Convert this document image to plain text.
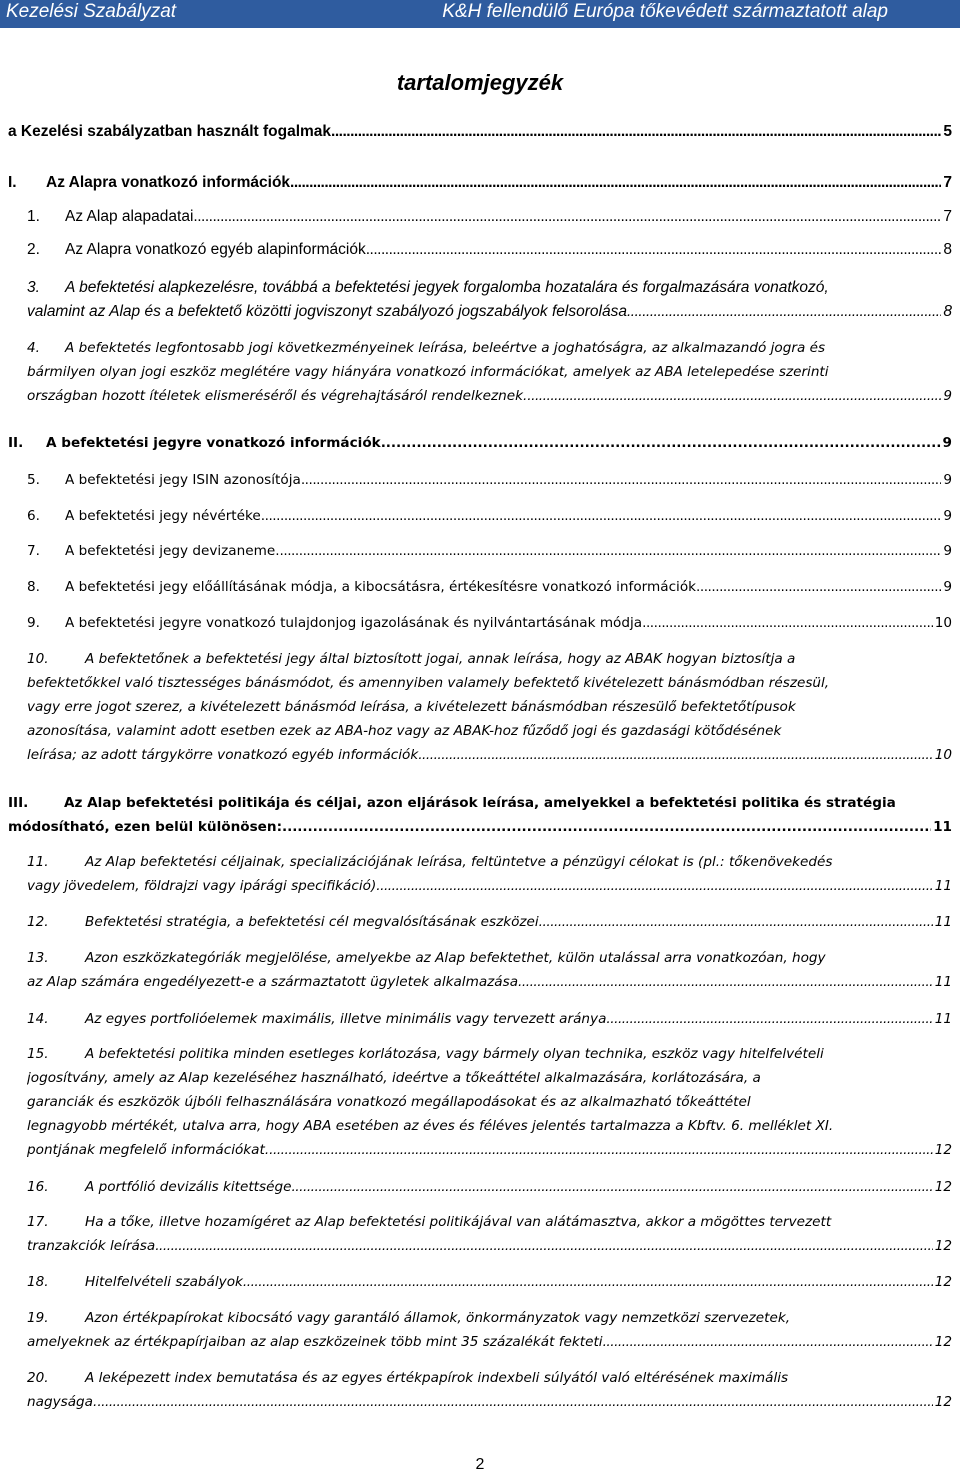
Kezelési Szabályzat	K&H fellendülő Európa tőkevédett származtatott alap
tartalomjegyzék
a Kezelési szabályzatban használt fogalmak . . .	5
I. Az Alapra vonatkozó információk . . .	7
1. Az Alap alapadatai . . .	7
2. Az Alapra vonatkozó egyéb alapinformációk . . .	8
3. A befektetési alapkezelésre, továbbá a befektetési jegyek forgalomba hozatalára és forgalmazására vonatkozó,
valamint az Alap és a befektető közötti jogviszonyt szabályozó jogszabályok felsorolása . . .	8
4. A befektetés legfontosabb jogi következményeinek leírása, beleértve a joghatóságra, az alkalmazandó jogra és
bármilyen olyan jogi eszköz meglétére vagy hiányára vonatkozó információkat, amelyek az ABA letelepedése szerinti
országban hozott ítéletek elismeréséről és végrehajtásáról rendelkeznek. . . .	9
II. A befektetési jegyre vonatkozó információk . . .	9
5. A befektetési jegy ISIN azonosítója . . .	9
6. A befektetési jegy névértéke . . .	9
7. A befektetési jegy devizaneme. . . .	9
8. A befektetési jegy előállításának módja, a kibocsátásra, értékesítésre vonatkozó információk . . .	9
9. A befektetési jegyre vonatkozó tulajdonjog igazolásának és nyilvántartásának módja . . .	10
10.	A befektetőnek a befektetési jegy által biztosított jogai, annak leírása, hogy az ABAK hogyan biztosítja a
befektetőkkel való tisztességes bánásmódot, és amennyiben valamely befektető kivételezett bánásmódban részesül,
vagy erre jogot szerez, a kivételezett bánásmód leírása, a kivételezett bánásmódban részesülő befektetőtípusok
azonosítása, valamint adott esetben ezek az ABA-hoz vagy az ABAK-hoz fűződő jogi és gazdasági kötődésének
leírása; az adott tárgykörre vonatkozó egyéb információk . . .	10
III.	Az Alap befektetési politikája és céljai, azon eljárások leírása, amelyekkel a befektetési politika és stratégia
módosítható, ezen belül különösen: . . .	11
11.	Az Alap befektetési céljainak, specializációjának leírása, feltüntetve a pénzügyi célokat is (pl.: tőkenövekedés
vagy jövedelem, földrajzi vagy ipárági specifikáció) . . .	11
12.	Befektetési stratégia, a befektetési cél megvalósításának eszközei . . .	11
13.	Azon eszközkategóriák megjelölése, amelyekbe az Alap befektethet, külön utalással arra vonatkozóan, hogy
az Alap számára engedélyezett-e a származtatott ügyletek alkalmazása . . .	11
14.	Az egyes portfolióelemek maximális, illetve minimális vagy tervezett aránya . . .	11
15.	A befektetési politika minden esetleges korlátozása, vagy bármely olyan technika, eszköz vagy hitelfelvételi
jogosítvány, amely az Alap kezeléséhez használható, ideértve a tőkeáttétel alkalmazására, korlátozására, a
garanciák és eszközök újbóli felhasználására vonatkozó megállapodásokat és az alkalmazható tőkeáttétel
legnagyobb mértékét, utalva arra, hogy ABA esetében az éves és féléves jelentés tartalmazza a Kbftv. 6. melléklet XI.
pontjának megfelelő információkat. . . .	12
16.	A portfólió devizális kitettsége . . .	12
17.	Ha a tőke, illetve hozamígéret az Alap befektetési politikájával van alátámasztva, akkor a mögöttes tervezett
tranzakciók leírása . . .	12
18.	Hitelfelvételi szabályok . . .	12
19.	Azon értékpapírokat kibocsátó vagy garantáló államok, önkormányzatok vagy nemzetközi szervezetek,
amelyeknek az értékpapírjaiban az alap eszközeinek több mint 35 százalékát fekteti . . .	12
20.	A leképezett index bemutatása és az egyes értékpapírok indexbeli súlyától való eltérésének maximális
nagysága. . . .	12
2
